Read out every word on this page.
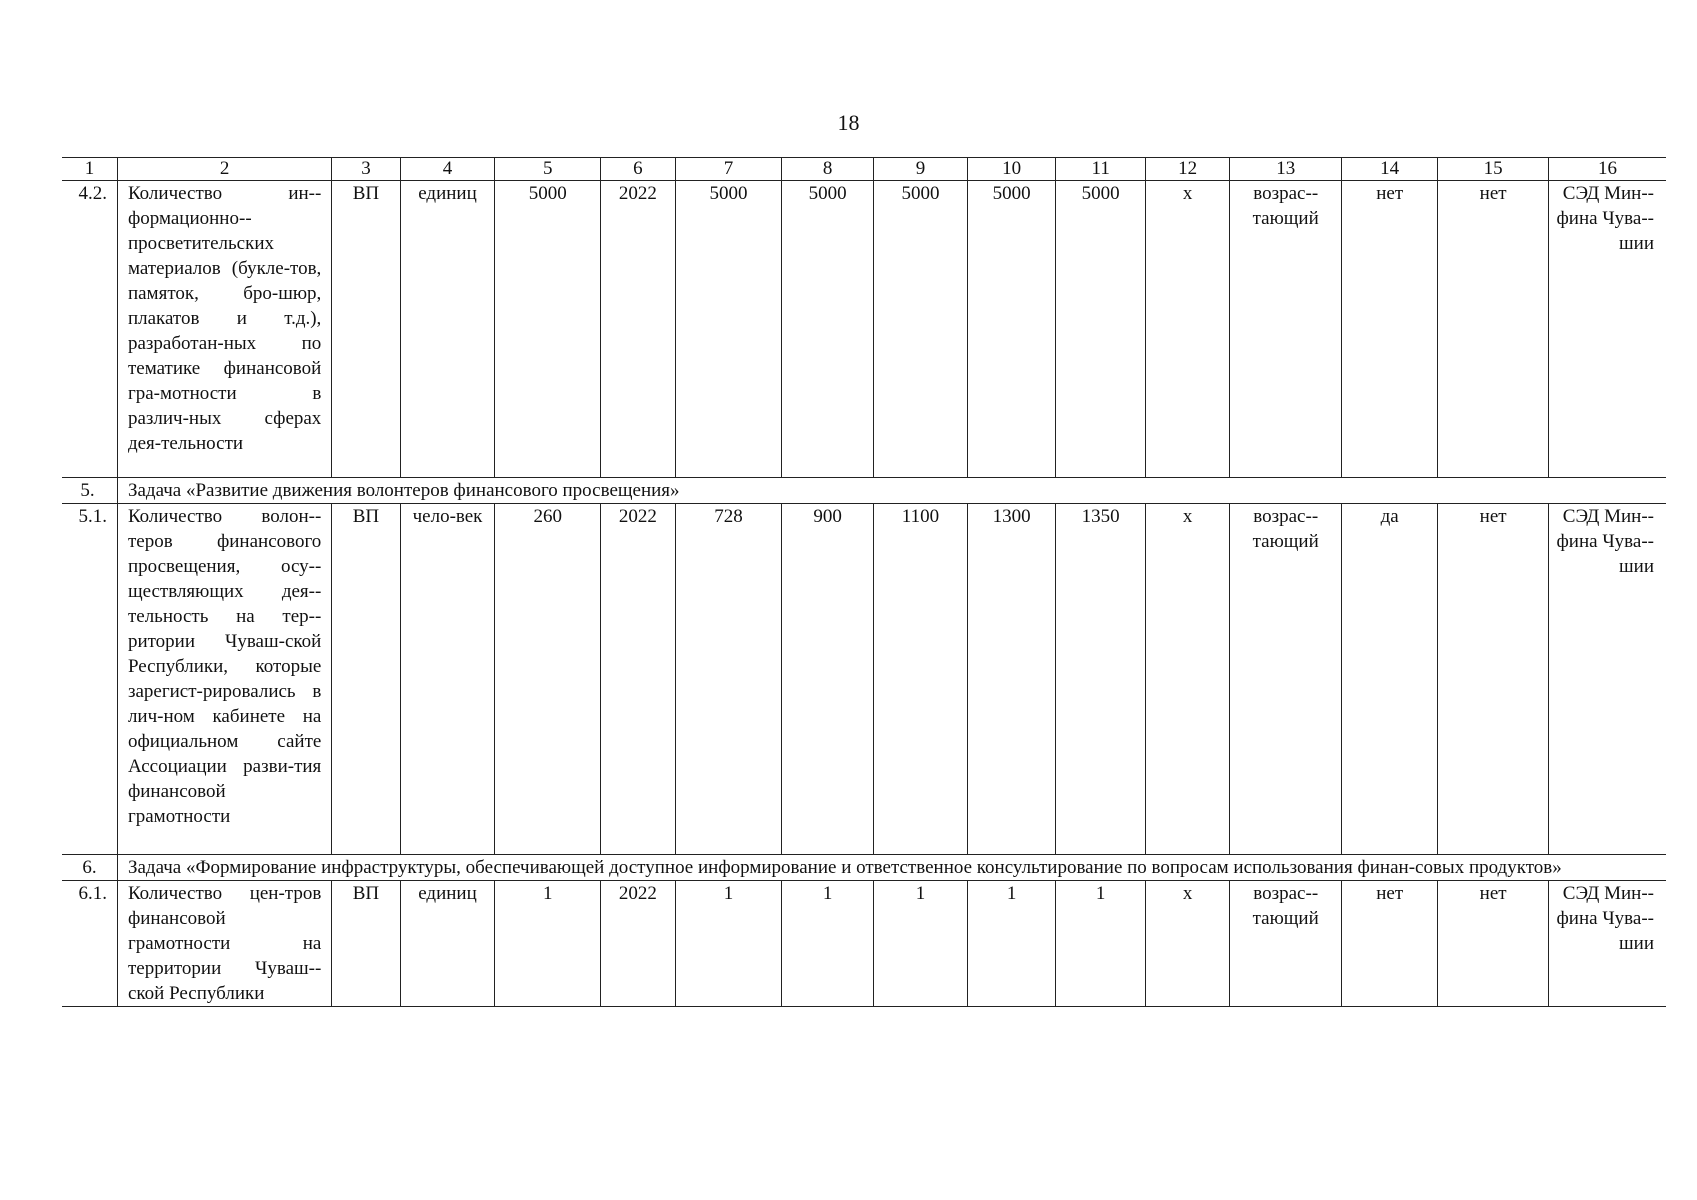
18
1	2	3	4	5	6	7	8	9	10	11	12	13	14	15	16
4.2.	Количество ин-формационно-просветительских материалов (букле-тов, памяток, бро-шюр, плакатов и т.д.), разработан-ных по тематике финансовой гра-мотности в различ-ных сферах дея-тельности	ВП	единиц	5000	2022	5000	5000	5000	5000	5000	х	возрас-тающий	нет	нет	СЭД Мин-фина Чува-шии
5.	Задача «Развитие движения волонтеров финансового просвещения»														
5.1.	Количество волон-теров финансового просвещения, осу-ществляющих дея-тельность на тер-ритории Чуваш-ской Республики, которые зарегист-рировались в лич-ном кабинете на официальном сайте Ассоциации разви-тия финансовой грамотности	ВП	чело-век	260	2022	728	900	1100	1300	1350	х	возрас-тающий	да	нет	СЭД Мин-фина Чува-шии
6.	Задача «Формирование инфраструктуры, обеспечивающей доступное информирование и ответственное консультирование по вопросам использования финан-совых продуктов»														
6.1.	Количество цен-тров финансовой грамотности на территории Чуваш-ской Республики	ВП	единиц	1	2022	1	1	1	1	1	х	возрас-тающий	нет	нет	СЭД Мин-фина Чува-шии
